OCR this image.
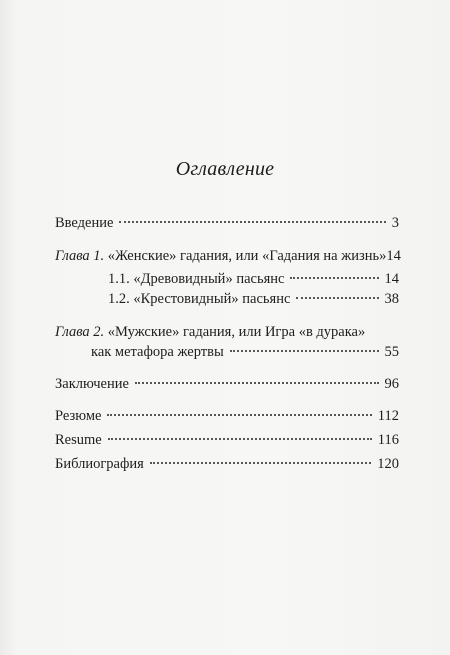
Оглавление
Введение	3
Глава 1. «Женские» гадания, или «Гадания на жизнь» 14
1.1. «Древовидный» пасьянс	14
1.2. «Крестовидный» пасьянс	38
Глава 2. «Мужские» гадания, или Игра «в дурака»
как метафора жертвы	55
Заключение	96
Резюме	112
Resume	116
Библиография	120
